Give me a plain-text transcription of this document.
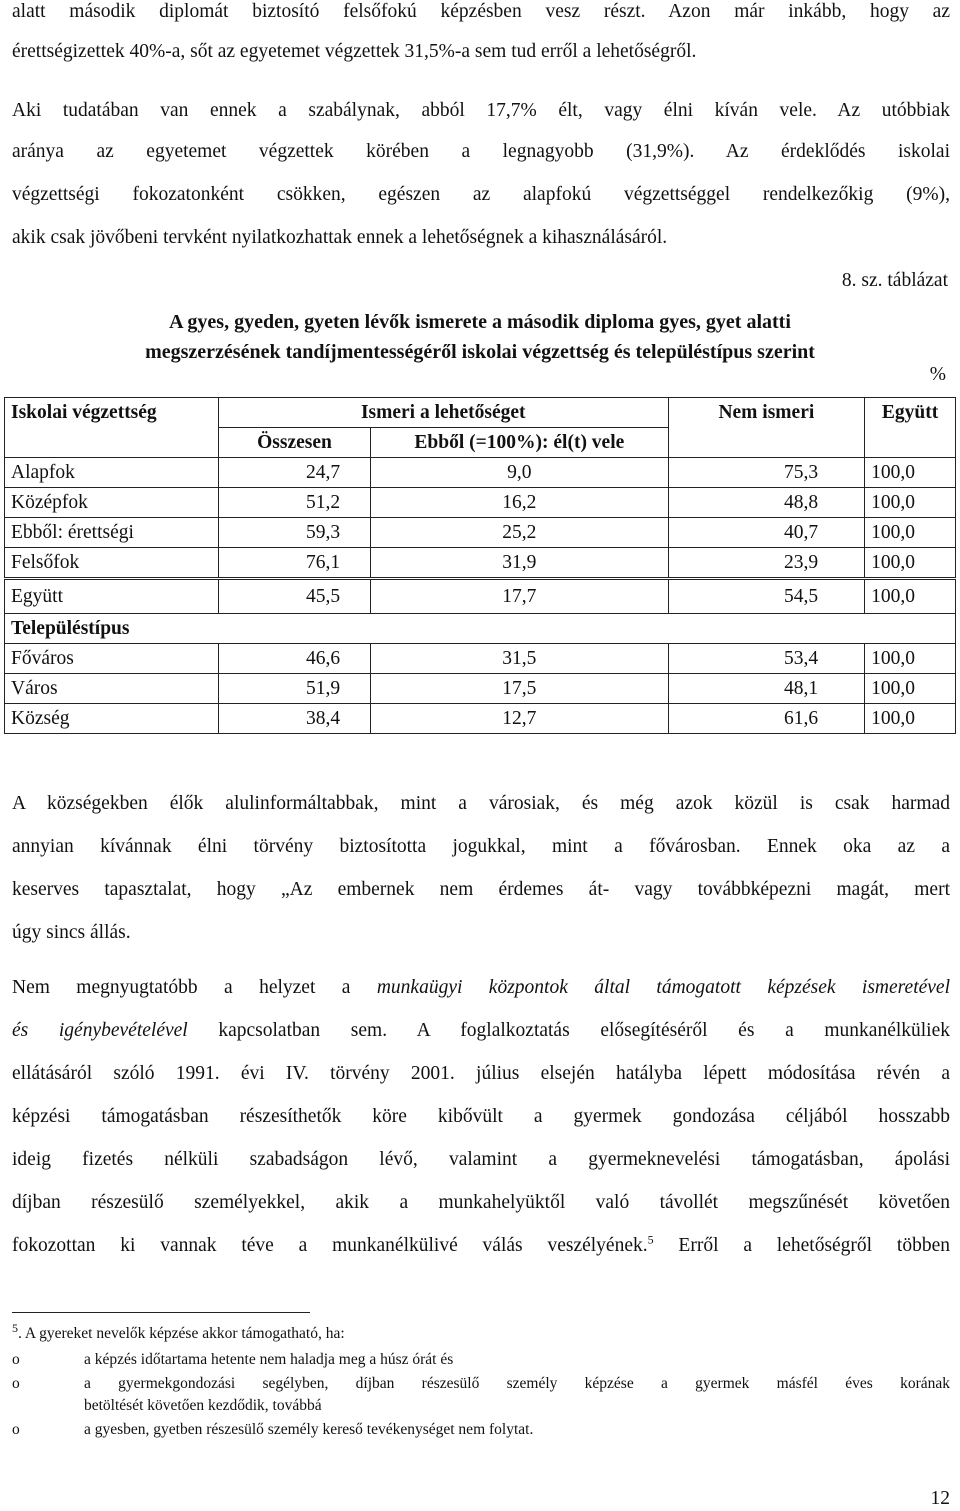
alatt második diplomát biztosító felsőfokú képzésben vesz részt. Azon már inkább, hogy az
érettségizettek 40%-a, sőt az egyetemet végzettek 31,5%-a sem tud erről a lehetőségről.
Aki tudatában van ennek a szabálynak, abból 17,7% élt, vagy élni kíván vele. Az utóbbiak
aránya az egyetemet végzettek körében a legnagyobb (31,9%). Az érdeklődés iskolai
végzettségi fokozatonként csökken, egészen az alapfokú végzettséggel rendelkezőkig (9%),
akik csak jövőbeni tervként nyilatkozhattak ennek a lehetőségnek a kihasználásáról.
8. sz. táblázat
A gyes, gyeden, gyeten lévők ismerete a második diploma gyes, gyet alatti
megszerzésének tandíjmentességéről iskolai végzettség és településtípus szerint
%
Iskolai végzettség	Ismeri a lehetőséget		Nem ismeri	Együtt
	Összesen	Ebből (=100%): él(t) vele		
Alapfok	24,7	9,0	75,3	100,0
Középfok	51,2	16,2	48,8	100,0
Ebből: érettségi	59,3	25,2	40,7	100,0
Felsőfok	76,1	31,9	23,9	100,0
Együtt	45,5	17,7	54,5	100,0
Településtípus				
Főváros	46,6	31,5	53,4	100,0
Város	51,9	17,5	48,1	100,0
Község	38,4	12,7	61,6	100,0
A községekben élők alulinformáltabbak, mint a városiak, és még azok közül is csak harmad
annyian kívánnak élni törvény biztosította jogukkal, mint a fővárosban. Ennek oka az a
keserves tapasztalat, hogy „Az embernek nem érdemes át- vagy továbbképezni magát, mert
úgy sincs állás.
Nem megnyugtatóbb a helyzet a munkaügyi központok által támogatott képzések ismeretével
és igénybevételével kapcsolatban sem. A foglalkoztatás elősegítéséről és a munkanélküliek
ellátásáról szóló 1991. évi IV. törvény 2001. július elsején hatályba lépett módosítása révén a
képzési támogatásban részesíthetők köre kibővült a gyermek gondozása céljából hosszabb
ideig fizetés nélküli szabadságon lévő, valamint a gyermeknevelési támogatásban, ápolási
díjban részesülő személyekkel, akik a munkahelyüktől való távollét megszűnését követően
fokozottan ki vannak téve a munkanélkülivé válás veszélyének.$^5$ Erről a lehetőségről többen
$^5$. A gyereket nevelők képzése akkor támogatható, ha:
o	a képzés időtartama hetente nem haladja meg a húsz órát és
o	a gyermekgondozási segélyben, díjban részesülő személy képzése a gyermek másfél éves korának
betöltését követően kezdődik, továbbá
o	a gyesben, gyetben részesülő személy kereső tevékenységet nem folytat.
12
